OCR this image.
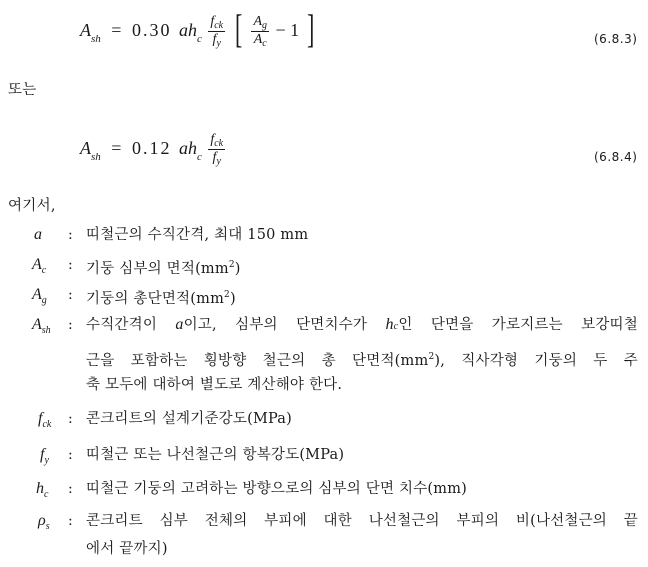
$A_{sh} = 0.30$ $ah_c \frac{f_{ck}}{f_y}$ [ $\frac{A_g}{A_c} - 1$ ]	(6.8.3)
또는
$A_{sh} = 0.12$ $ah_c \frac{f_{ck}}{f_y}$	(6.8.4)
여기서,
a : 띠철근의 수직간격, 최대 150 mm
$A_c$ : 기둥 심부의 면적$(mm^2)$
$A_g$ : 기둥의 총단면적$(mm^2)$
$A_{sh}$ : 수직간격이 a이고, 심부의 단면치수가 hc인 단면을 가로지르는 보강띠철
근을 포함하는 횡방향 철근의 총 단면적$(mm^2)$, 직사각형 기둥의 두 주
축 모두에 대하여 별도로 계산해야 한다.
$f_{ck}$ : 콘크리트의 설계기준강도(MPa)
$f_y$ : 띠철근 또는 나선철근의 항복강도(MPa)
$h_c$ : 띠철근 기둥의 고려하는 방향으로의 심부의 단면 치수(mm)
$\rho_s$ : 콘크리트 심부 전체의 부피에 대한 나선철근의 부피의 비(나선철근의 끝
에서 끝까지)
